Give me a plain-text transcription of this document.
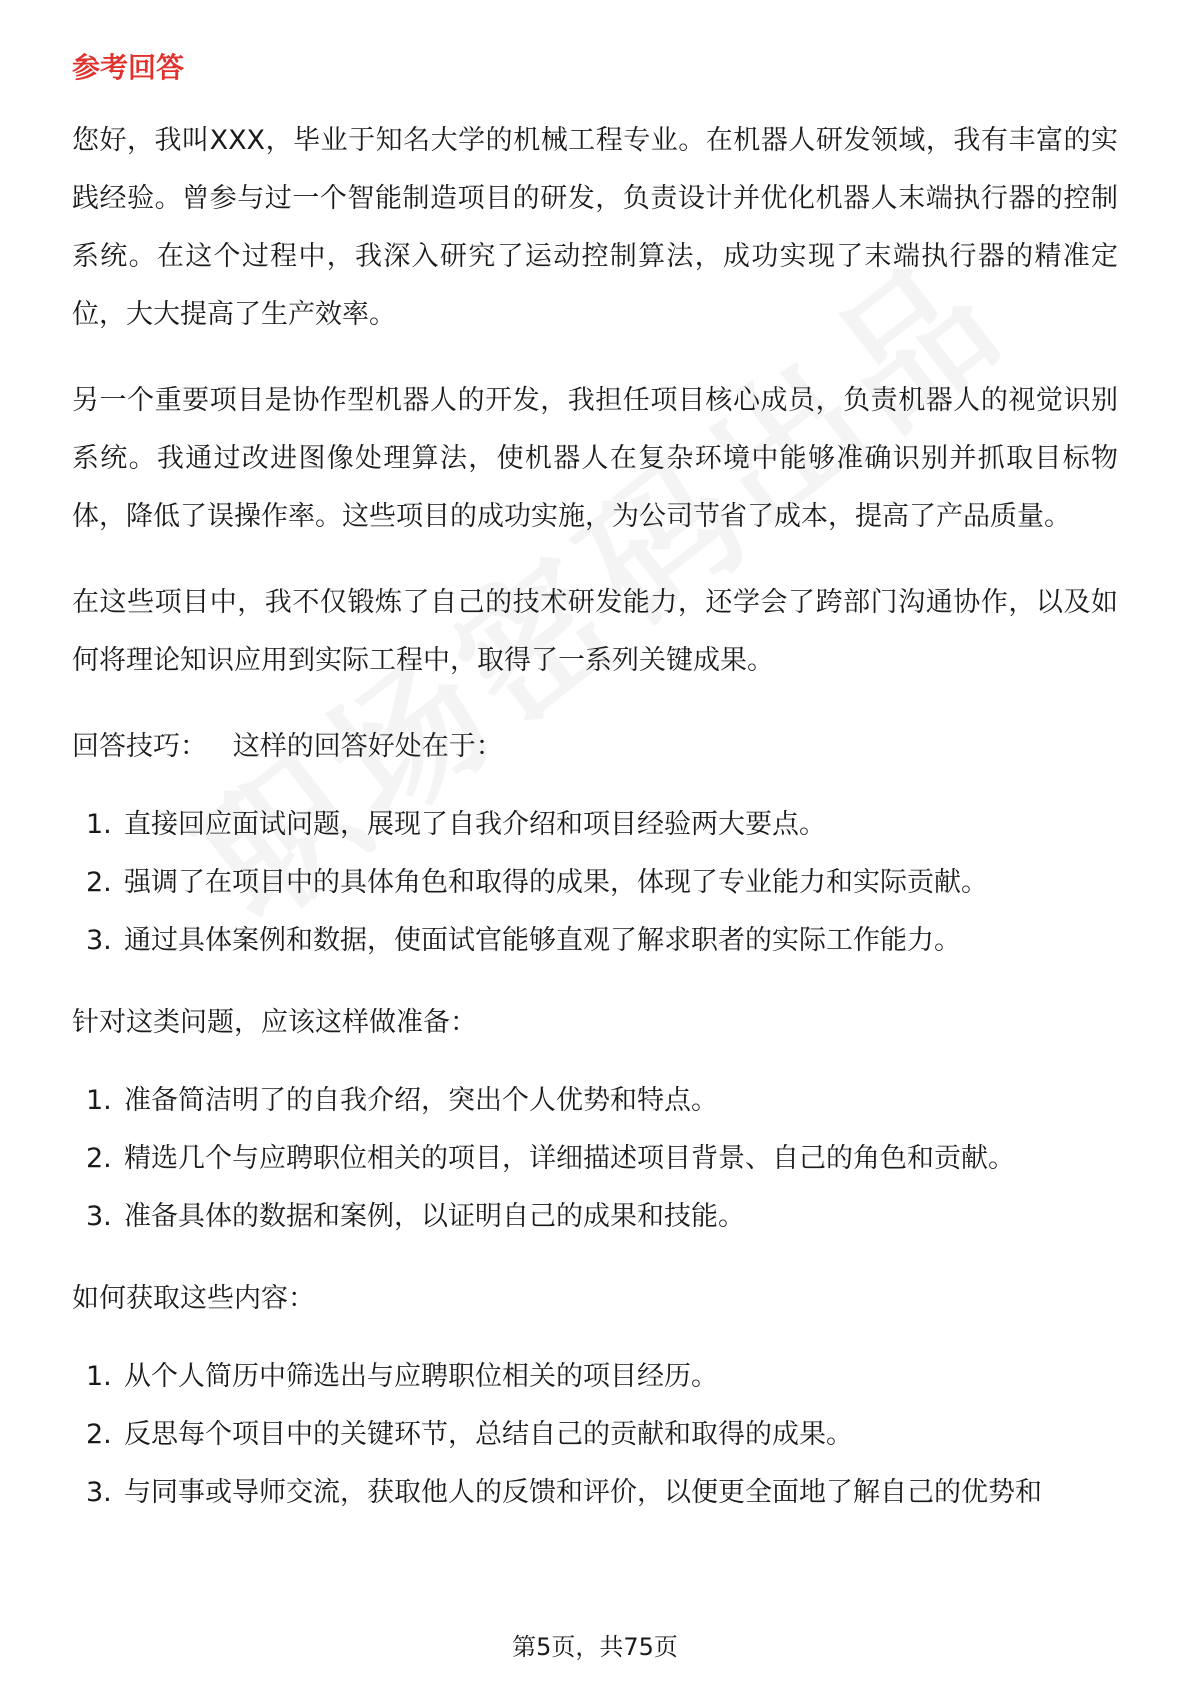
参考回答

您好，我叫XXX，毕业于知名大学的机械工程专业。在机器人研发领域，我有丰富的实践经验。曾参与过一个智能制造项目的研发，负责设计并优化机器人末端执行器的控制系统。在这个过程中，我深入研究了运动控制算法，成功实现了末端执行器的精准定位，大大提高了生产效率。

另一个重要项目是协作型机器人的开发，我担任项目核心成员，负责机器人的视觉识别系统。我通过改进图像处理算法，使机器人在复杂环境中能够准确识别并抓取目标物体，降低了误操作率。这些项目的成功实施，为公司节省了成本，提高了产品质量。

在这些项目中，我不仅锻炼了自己的技术研发能力，还学会了跨部门沟通协作，以及如何将理论知识应用到实际工程中，取得了一系列关键成果。

回答技巧：   这样的回答好处在于：
1. 直接回应面试问题，展现了自我介绍和项目经验两大要点。
2. 强调了在项目中的具体角色和取得的成果，体现了专业能力和实际贡献。
3. 通过具体案例和数据，使面试官能够直观了解求职者的实际工作能力。
针对这类问题，应该这样做准备：
1. 准备简洁明了的自我介绍，突出个人优势和特点。
2. 精选几个与应聘职位相关的项目，详细描述项目背景、自己的角色和贡献。
3. 准备具体的数据和案例，以证明自己的成果和技能。
如何获取这些内容：
1. 从个人简历中筛选出与应聘职位相关的项目经历。
2. 反思每个项目中的关键环节，总结自己的贡献和取得的成果。
3. 与同事或导师交流，获取他人的反馈和评价，以便更全面地了解自己的优势和
第5页，共75页
